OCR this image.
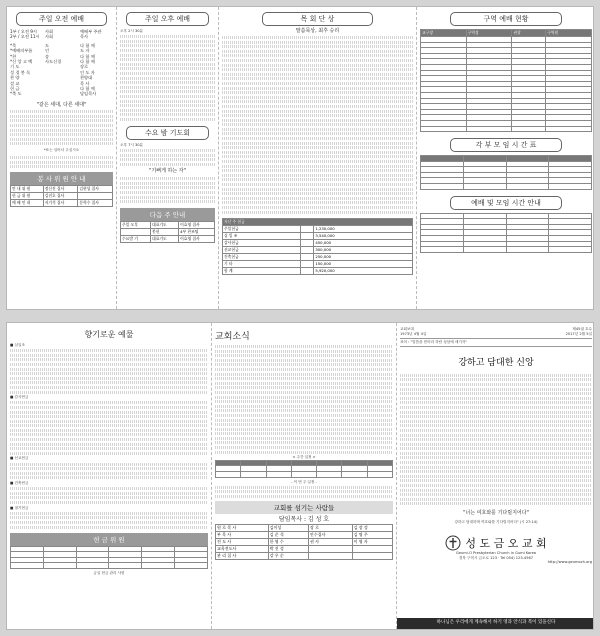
주일 오전 예배
1부 / 오전 9시	사회	예배부 주관
2부 / 오전 11시	사회	목사
*묵	도	다 함 께
*예배의부름	인	도 자
*찬	송	다 함 께
*신 앙 고 백	사도신경	다 함 께
기 도	장로
성 경 봉 독	인 도 자
찬 양	찬양대
설 교	목 사
헌 금	다 함 께
*축 도	담임목사
"같은 세대, 다른 세대"
*표는 일어서 주십시오
봉 사 위 원 안 내
안 내 위 원	정신진 집사	김현성 집사
헌 금 위 원	김진호 집사	
예 배 인 내	서기석 집사	문혁수 집사
주일 오후 예배
오후 2시 30분
수요 밤 기도회
오후 7시 30분
"기뻐게 하는 자"
다음 주 안내
주일 오후	대표기도	이효영 집사
	봉헌	4부 찬조팀
수요밤 기	대표기도	이효영 집사
목 회 단 상
말씀묵상, 최후 승리
지난 주 헌금		
주일헌금		1,230,000
십 일 조		3,540,000
감사헌금		450,000
선교헌금		300,000
건축헌금		250,000
기 타		150,000
합 계		5,920,000
구역 예배 현황
교구장	구역장	권찰	구역원

각 부 모 임 시 간 표

예배 및 모임 시간 안내

향기로운 예물
■ 십일조
■ 감사헌금
■ 선교헌금
■ 건축헌금
■ 절기헌금
헌 금 위 원

금일 헌금 관리 사항
교회소식
< 주간 일정 >

- 이 번 주 일정 -
교회를 섬기는 사람들
담임목사 : 김 성 호
원 로 목 사	김이성	장 로	김 장 성
부 목 사	김 준 석	안수집사	김 명 주
전 도 사	한 영 수	권 사	이 영 자
교육전도사	박 진 성		
관 리 집 사	강 우 순		
교회보대	제45권 호수
1973년 4월 4일	2017년 2월 5일
표어 : "말씀을 믿어라 하람 성삼에 세기자"
강하고 담대한 신앙
"너는 여호와를 기다릴지어다"
강하고 담대하며 여호와를 기다릴지어다" (시 27:14)
성 도 금 오 교 회
Geumi-O Presbyterian Church in Gumi Korea
경북 구미시 금오로 123 · Tel 054) 123-4567
http://www.geumoch.org
하나님은 우리에게 계속해서 하기 영과 안식과 복이 있을신다
